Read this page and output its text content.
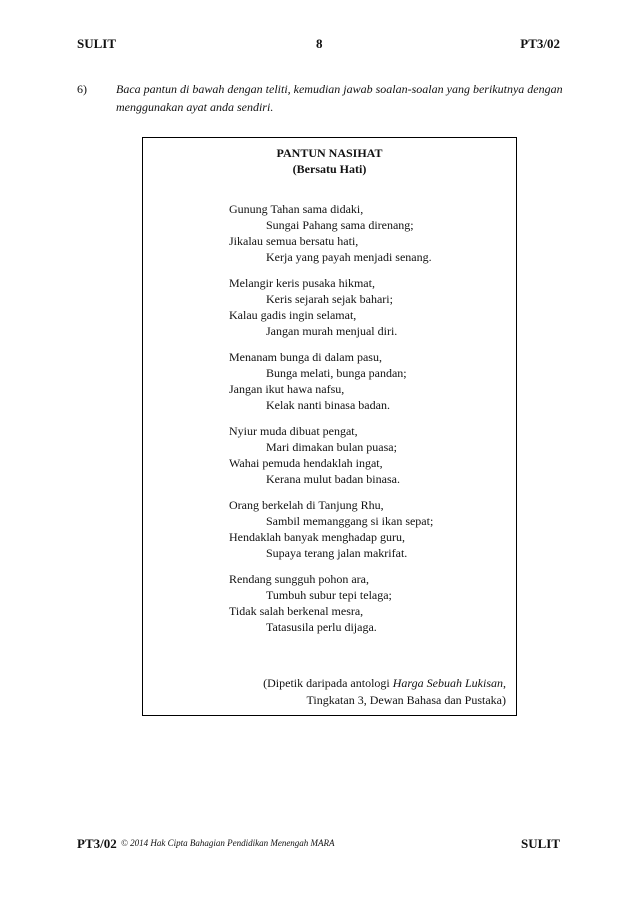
SULIT	8	PT3/02
6) Baca pantun di bawah dengan teliti, kemudian jawab soalan-soalan yang berikutnya dengan menggunakan ayat anda sendiri.
PANTUN NASIHAT
(Bersatu Hati)
Gunung Tahan sama didaki,
Sungai Pahang sama direnang;
Jikalau semua bersatu hati,
Kerja yang payah menjadi senang.
Melangir keris pusaka hikmat,
Keris sejarah sejak bahari;
Kalau gadis ingin selamat,
Jangan murah menjual diri.
Menanam bunga di dalam pasu,
Bunga melati, bunga pandan;
Jangan ikut hawa nafsu,
Kelak nanti binasa badan.
Nyiur muda dibuat pengat,
Mari dimakan bulan puasa;
Wahai pemuda hendaklah ingat,
Kerana mulut badan binasa.
Orang berkelah di Tanjung Rhu,
Sambil memanggang si ikan sepat;
Hendaklah banyak menghadap guru,
Supaya terang jalan makrifat.
Rendang sungguh pohon ara,
Tumbuh subur tepi telaga;
Tidak salah berkenal mesra,
Tatasusila perlu dijaga.
(Dipetik daripada antologi Harga Sebuah Lukisan,
Tingkatan 3, Dewan Bahasa dan Pustaka)
PT3/02 © 2014 Hak Cipta Bahagian Pendidikan Menengah MARA	SULIT
